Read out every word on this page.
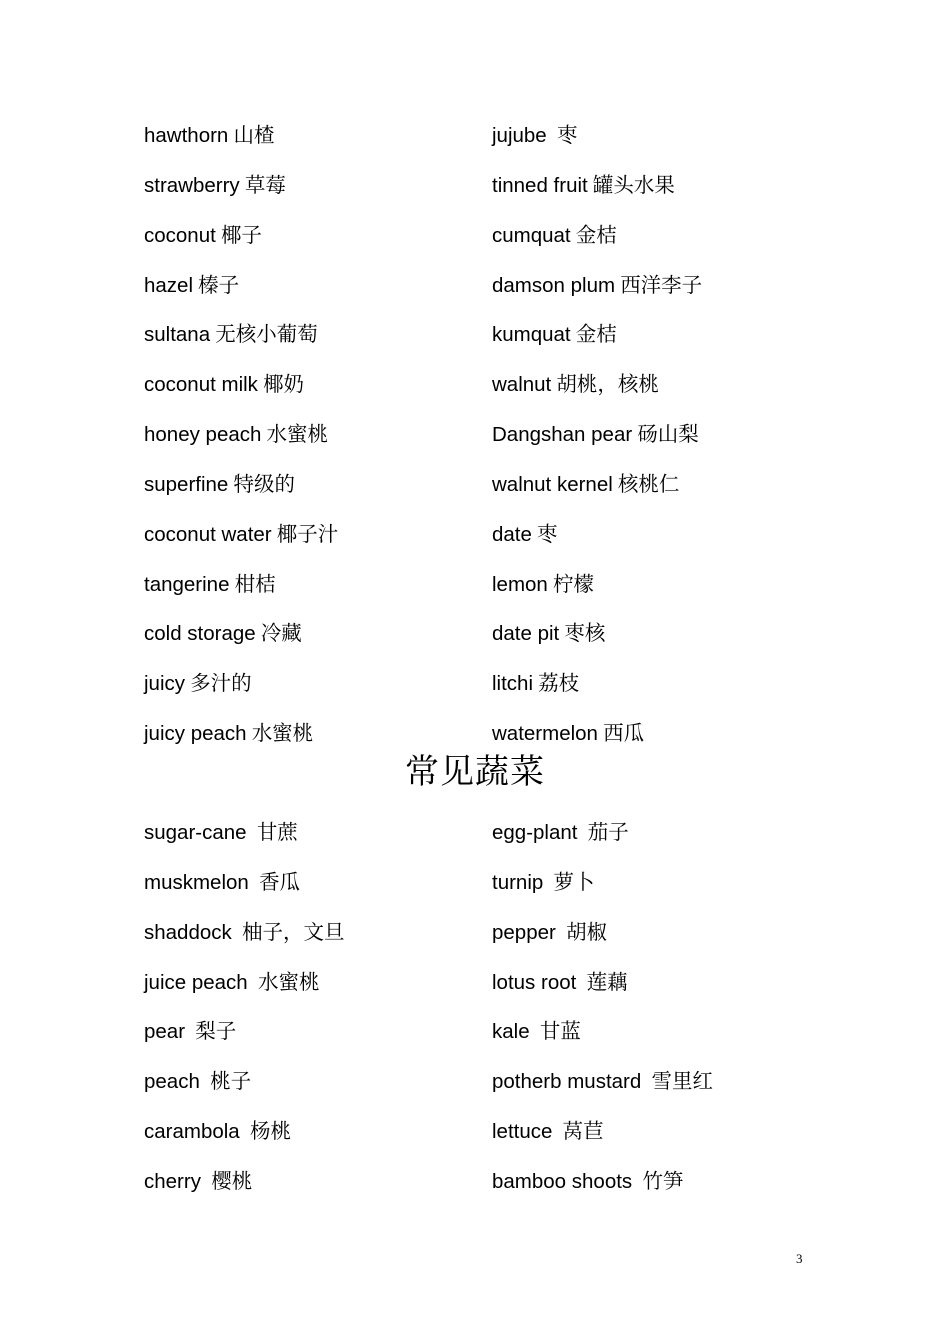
hawthorn 山楂	jujube 枣
strawberry 草莓	tinned fruit 罐头水果
coconut 椰子	cumquat 金桔
hazel 榛子	damson plum 西洋李子
sultana 无核小葡萄	kumquat 金桔
coconut milk 椰奶	walnut 胡桃，核桃
honey peach 水蜜桃	Dangshan pear 砀山梨
superfine 特级的	walnut kernel 核桃仁
coconut water 椰子汁	date 枣
tangerine 柑桔	lemon 柠檬
cold storage 冷藏	date pit 枣核
juicy 多汁的	litchi 荔枝
juicy peach 水蜜桃	watermelon 西瓜
常见蔬菜
sugar-cane 甘蔗	egg-plant 茄子
muskmelon 香瓜	turnip 萝卜
shaddock 柚子，文旦	pepper 胡椒
juice peach 水蜜桃	lotus root 莲藕
pear 梨子	kale 甘蓝
peach 桃子	potherb mustard 雪里红
carambola 杨桃	lettuce 莴苣
cherry 樱桃	bamboo shoots 竹笋
3
